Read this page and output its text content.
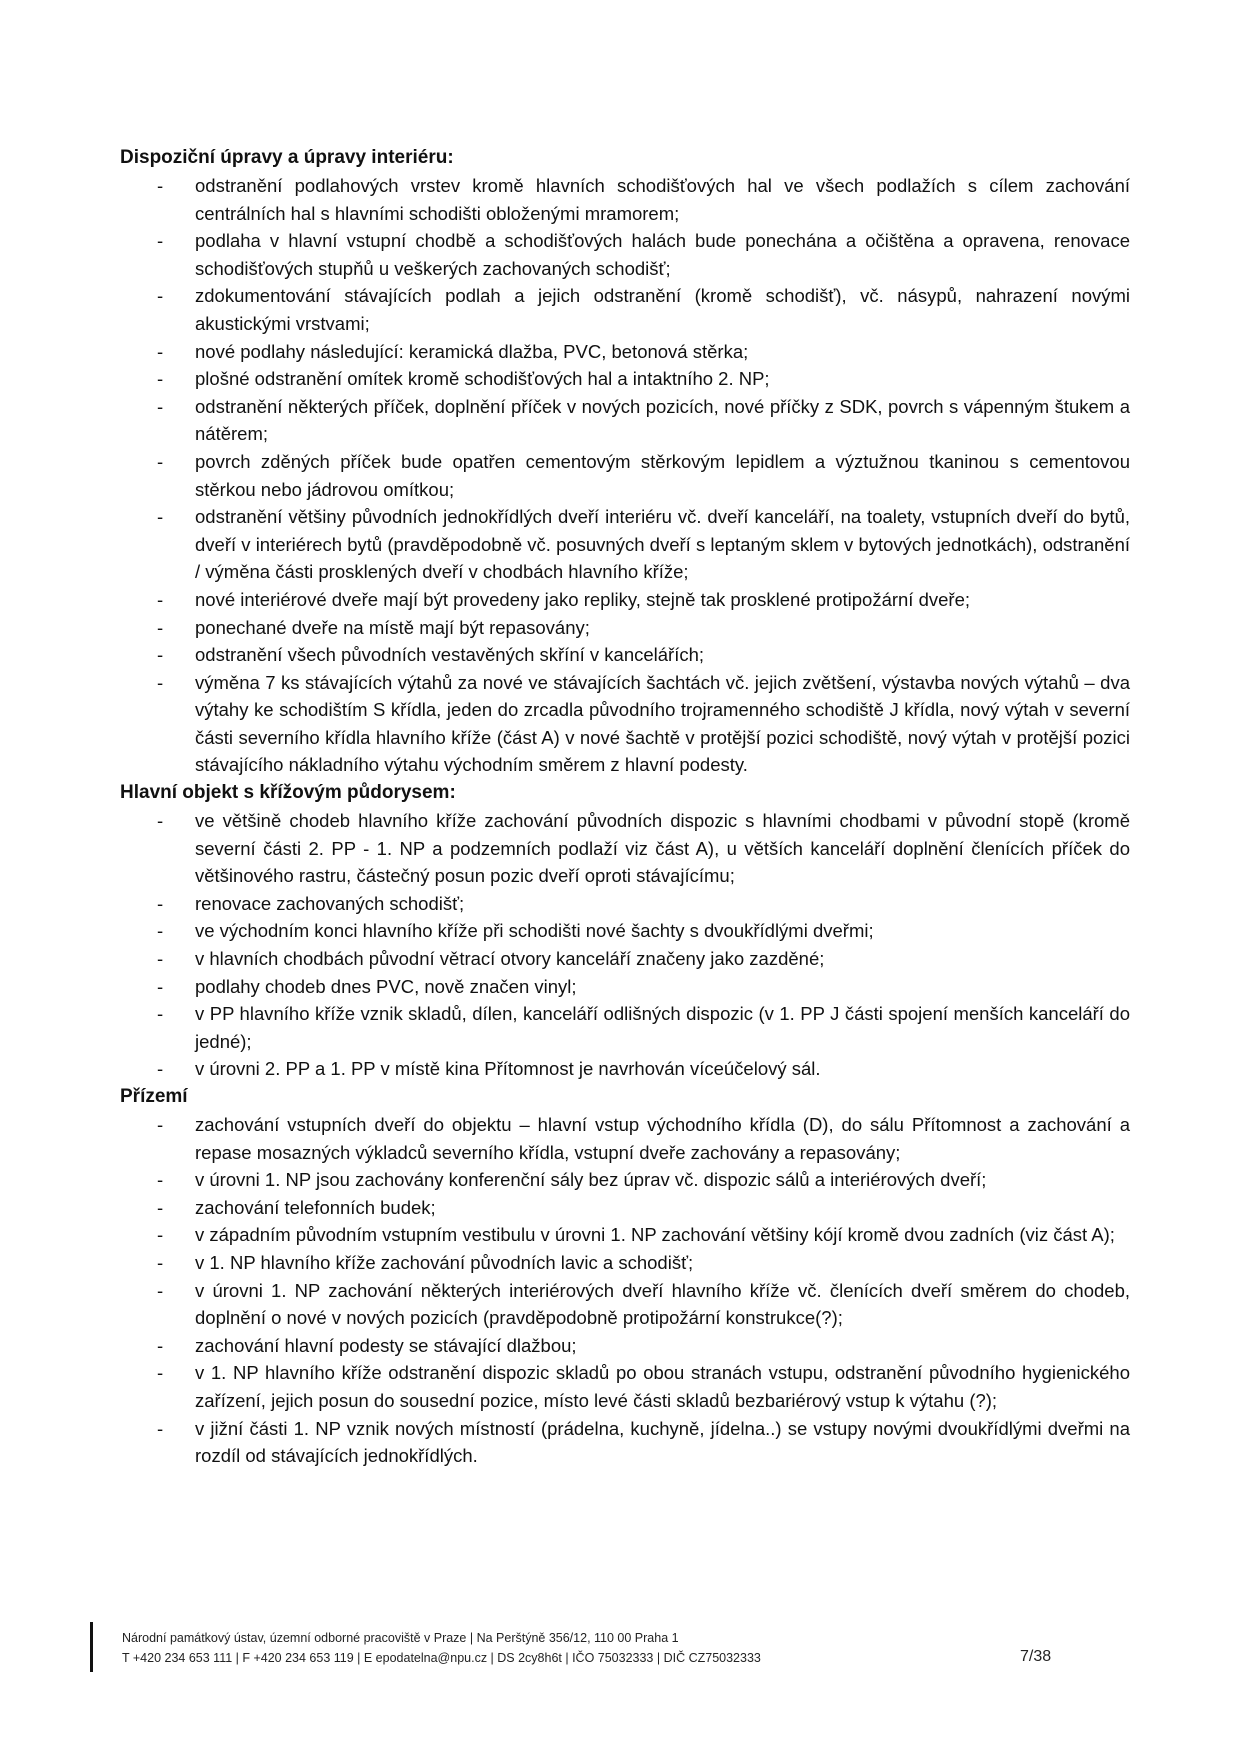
Dispoziční úpravy a úpravy interiéru:
- odstranění podlahových vrstev kromě hlavních schodišťových hal ve všech podlažích s cílem zachování centrálních hal s hlavními schodišti obloženými mramorem;
- podlaha v hlavní vstupní chodbě a schodišťových halách bude ponechána a očištěna a opravena, renovace schodišťových stupňů u veškerých zachovaných schodišť;
- zdokumentování stávajících podlah a jejich odstranění (kromě schodišť), vč. násypů, nahrazení novými akustickými vrstvami;
- nové podlahy následující: keramická dlažba, PVC, betonová stěrka;
- plošné odstranění omítek kromě schodišťových hal a intaktního 2. NP;
- odstranění některých příček, doplnění příček v nových pozicích, nové příčky z SDK, povrch s vápenným štukem a nátěrem;
- povrch zděných příček bude opatřen cementovým stěrkovým lepidlem a výztužnou tkaninou s cementovou stěrkou nebo jádrovou omítkou;
- odstranění většiny původních jednokřídlých dveří interiéru vč. dveří kanceláří, na toalety, vstupních dveří do bytů, dveří v interiérech bytů (pravděpodobně vč. posuvných dveří s leptaným sklem v bytových jednotkách), odstranění / výměna části prosklených dveří v chodbách hlavního kříže;
- nové interiérové dveře mají být provedeny jako repliky, stejně tak prosklené protipožární dveře;
- ponechané dveře na místě mají být repasovány;
- odstranění všech původních vestavěných skříní v kancelářích;
- výměna 7 ks stávajících výtahů za nové ve stávajících šachtách vč. jejich zvětšení, výstavba nových výtahů – dva výtahy ke schodištím S křídla, jeden do zrcadla původního trojramenného schodiště J křídla, nový výtah v severní části severního křídla hlavního kříže (část A) v nové šachtě v protější pozici schodiště, nový výtah v protější pozici stávajícího nákladního výtahu východním směrem z hlavní podesty.
Hlavní objekt s křížovým půdorysem:
- ve většině chodeb hlavního kříže zachování původních dispozic s hlavními chodbami v původní stopě (kromě severní části 2. PP - 1. NP a podzemních podlaží viz část A), u větších kanceláří doplnění členících příček do většinového rastru, částečný posun pozic dveří oproti stávajícímu;
- renovace zachovaných schodišť;
- ve východním konci hlavního kříže při schodišti nové šachty s dvoukřídlými dveřmi;
- v hlavních chodbách původní větrací otvory kanceláří značeny jako zazděné;
- podlahy chodeb dnes PVC, nově značen vinyl;
- v PP hlavního kříže vznik skladů, dílen, kanceláří odlišných dispozic (v 1. PP J části spojení menších kanceláří do jedné);
- v úrovni 2. PP a 1. PP v místě kina Přítomnost je navrhován víceúčelový sál.
Přízemí
- zachování vstupních dveří do objektu – hlavní vstup východního křídla (D), do sálu Přítomnost a zachování a repase mosazných výkladců severního křídla, vstupní dveře zachovány a repasovány;
- v úrovni 1. NP jsou zachovány konferenční sály bez úprav vč. dispozic sálů a interiérových dveří;
- zachování telefonních budek;
- v západním původním vstupním vestibulu v úrovni 1. NP zachování většiny kójí kromě dvou zadních (viz část A);
- v 1. NP hlavního kříže zachování původních lavic a schodišť;
- v úrovni 1. NP zachování některých interiérových dveří hlavního kříže vč. členících dveří směrem do chodeb, doplnění o nové v nových pozicích (pravděpodobně protipožární konstrukce(?);
- zachování hlavní podesty se stávající dlažbou;
- v 1. NP hlavního kříže odstranění dispozic skladů po obou stranách vstupu, odstranění původního hygienického zařízení, jejich posun do sousední pozice, místo levé části skladů bezbariérový vstup k výtahu (?);
- v jižní části 1. NP vznik nových místností (prádelna, kuchyně, jídelna..) se vstupy novými dvoukřídlými dveřmi na rozdíl od stávajících jednokřídlých.
Národní památkový ústav, územní odborné pracoviště v Praze | Na Perštýně 356/12, 110 00 Praha 1
T +420 234 653 111 | F +420 234 653 119 | E epodatelna@npu.cz | DS 2cy8h6t | IČO 75032333 | DIČ CZ75032333	7/38
